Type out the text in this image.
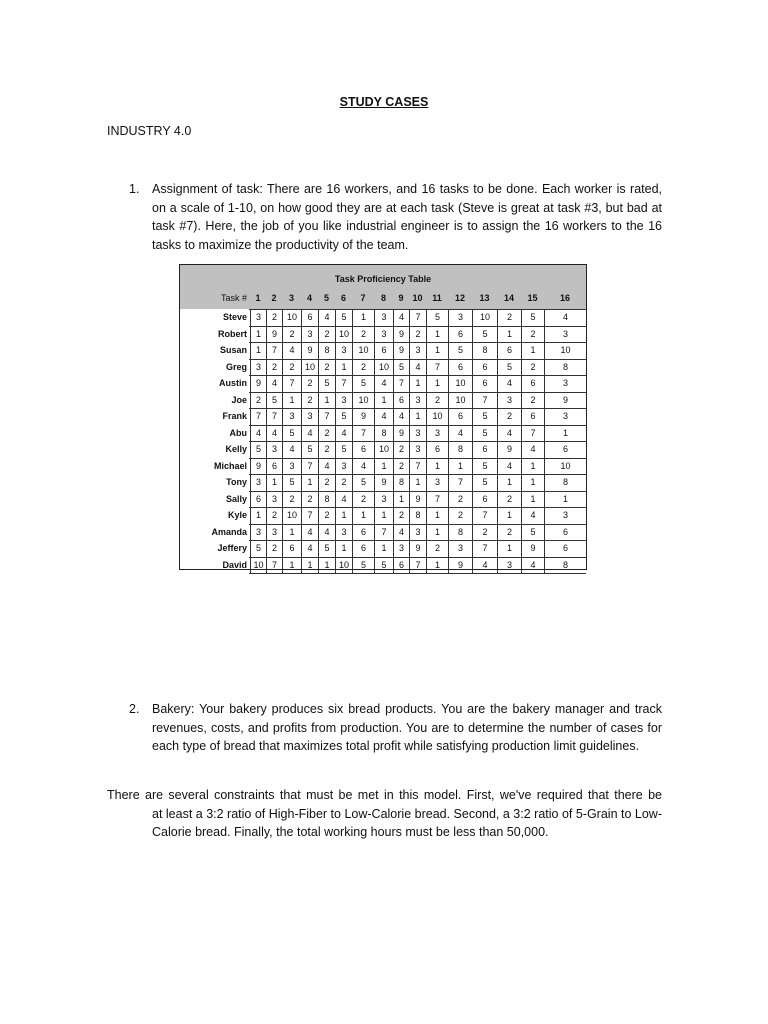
STUDY CASES
INDUSTRY 4.0
1. Assignment of task: There are 16 workers, and 16 tasks to be done. Each worker is rated, on a scale of 1-10, on how good they are at each task (Steve is great at task #3, but bad at task #7). Here, the job of you like industrial engineer is to assign the 16 workers to the 16 tasks to maximize the productivity of the team.
Task Proficiency Table
Task # 1	2	3	4	5	6	7	8	9 10	11	12	13	14	15	16
Steve 3	2	10	6	4	5	1	3	4	7	5	3	10	2	5	4
Robert 1	9	2	3	2	10	2	3	9	2	1	6	5	1	2	3
Susan 1	7	4	9	8	3	10	6	9	3	1	5	8	6	1	10
Greg 3	2	2	10	2	1	2	10	5	4	7	6	6	5	2	8
Austin 9	4	7	2	5	7	5	4	7	1	1	10	6	4	6	3
Joe 2	5	1	2	1	3	10	1	6	3	2	10	7	3	2	9
Frank 7	7	3	3	7	5	9	4	4	1	10	6	5	2	6	3
Abu 4	4	5	4	2	4	7	8	9	3	3	4	5	4	7	1
Kelly 5	3	4	5	2	5	6	10	2	3	6	8	6	9	4	6
Michael 9	6	3	7	4	3	4	1	2	7	1	1	5	4	1	10
Tony 3	1	5	1	2	2	5	9	8	1	3	7	5	1	1	8
Sally 6	3	2	2	8	4	2	3	1	9	7	2	6	2	1	1
Kyle 1	2	10	7	2	1	1	1	2	8	1	2	7	1	4	3
Amanda 3	3	1	4	4	3	6	7	4	3	1	8	2	2	5	6
Jeffery 5	2	6	4	5	1	6	1	3	9	2	3	7	1	9	6
David 10 7	1	1	1	10	5	5	6	7	1	9	4	3	4	8
2. Bakery: Your bakery produces six bread products. You are the bakery manager and track revenues, costs, and profits from production. You are to determine the number of cases for each type of bread that maximizes total profit while satisfying production limit guidelines.
There are several constraints that must be met in this model. First, we've required that there be
at least a 3:2 ratio of High-Fiber to Low-Calorie bread. Second, a 3:2 ratio of 5-Grain to Low-Calorie bread. Finally, the total working hours must be less than 50,000.
